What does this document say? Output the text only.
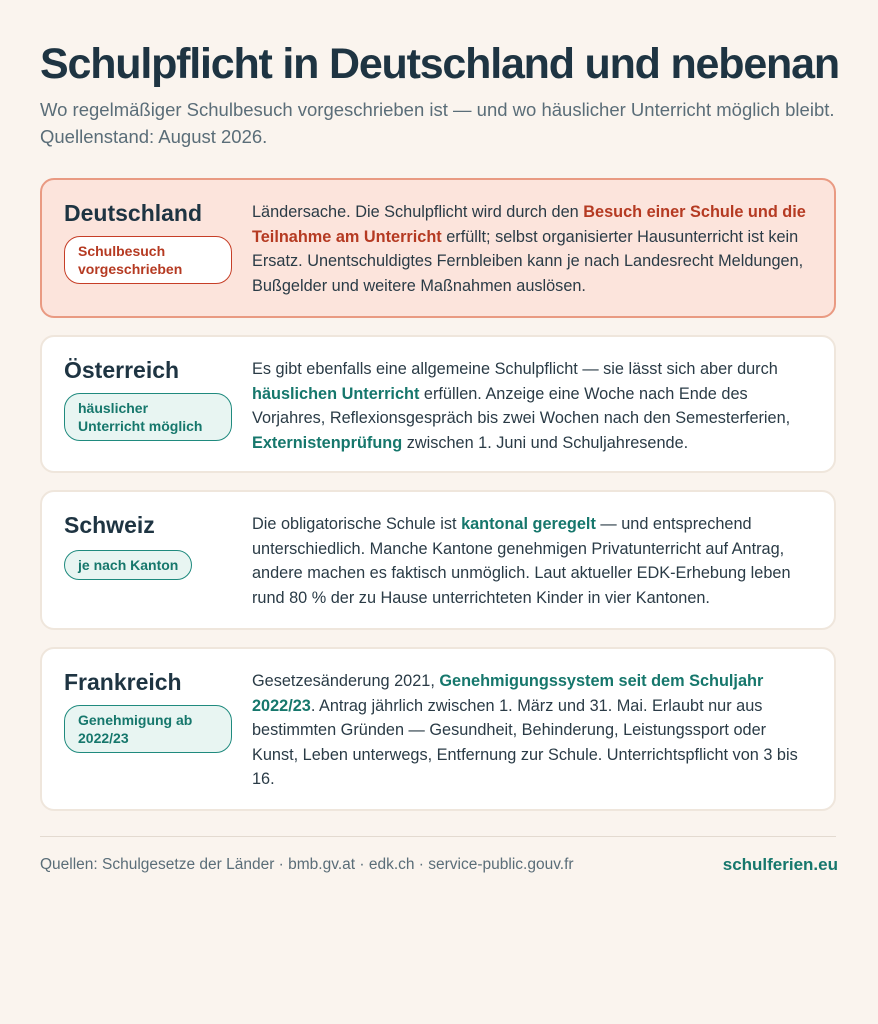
Schulpflicht in Deutschland und nebenan

Wo regelmäßiger Schulbesuch vorgeschrieben ist — und wo häuslicher Unterricht möglich bleibt. Quellenstand: August 2026.

Deutschland
Schulbesuch vorgeschrieben

Ländersache. Die Schulpflicht wird durch den Besuch einer Schule und die Teilnahme am Unterricht erfüllt; selbst organisierter Hausunterricht ist kein Ersatz. Unentschuldigtes Fernbleiben kann je nach Landesrecht Meldungen, Bußgelder und weitere Maßnahmen auslösen.

Österreich
häuslicher Unterricht möglich

Es gibt ebenfalls eine allgemeine Schulpflicht — sie lässt sich aber durch häuslichen Unterricht erfüllen. Anzeige eine Woche nach Ende des Vorjahres, Reflexionsgespräch bis zwei Wochen nach den Semesterferien, Externistenprüfung zwischen 1. Juni und Schuljahresende.

Schweiz
je nach Kanton

Die obligatorische Schule ist kantonal geregelt — und entsprechend unterschiedlich. Manche Kantone genehmigen Privatunterricht auf Antrag, andere machen es faktisch unmöglich. Laut aktueller EDK-Erhebung leben rund 80 % der zu Hause unterrichteten Kinder in vier Kantonen.

Frankreich
Genehmigung ab 2022/23

Gesetzesänderung 2021, Genehmigungssystem seit dem Schuljahr 2022/23. Antrag jährlich zwischen 1. März und 31. Mai. Erlaubt nur aus bestimmten Gründen — Gesundheit, Behinderung, Leistungssport oder Kunst, Leben unterwegs, Entfernung zur Schule. Unterrichtspflicht von 3 bis 16.

Quellen: Schulgesetze der Länder · bmb.gv.at · edk.ch · service-public.gouv.fr	schulferien.eu
